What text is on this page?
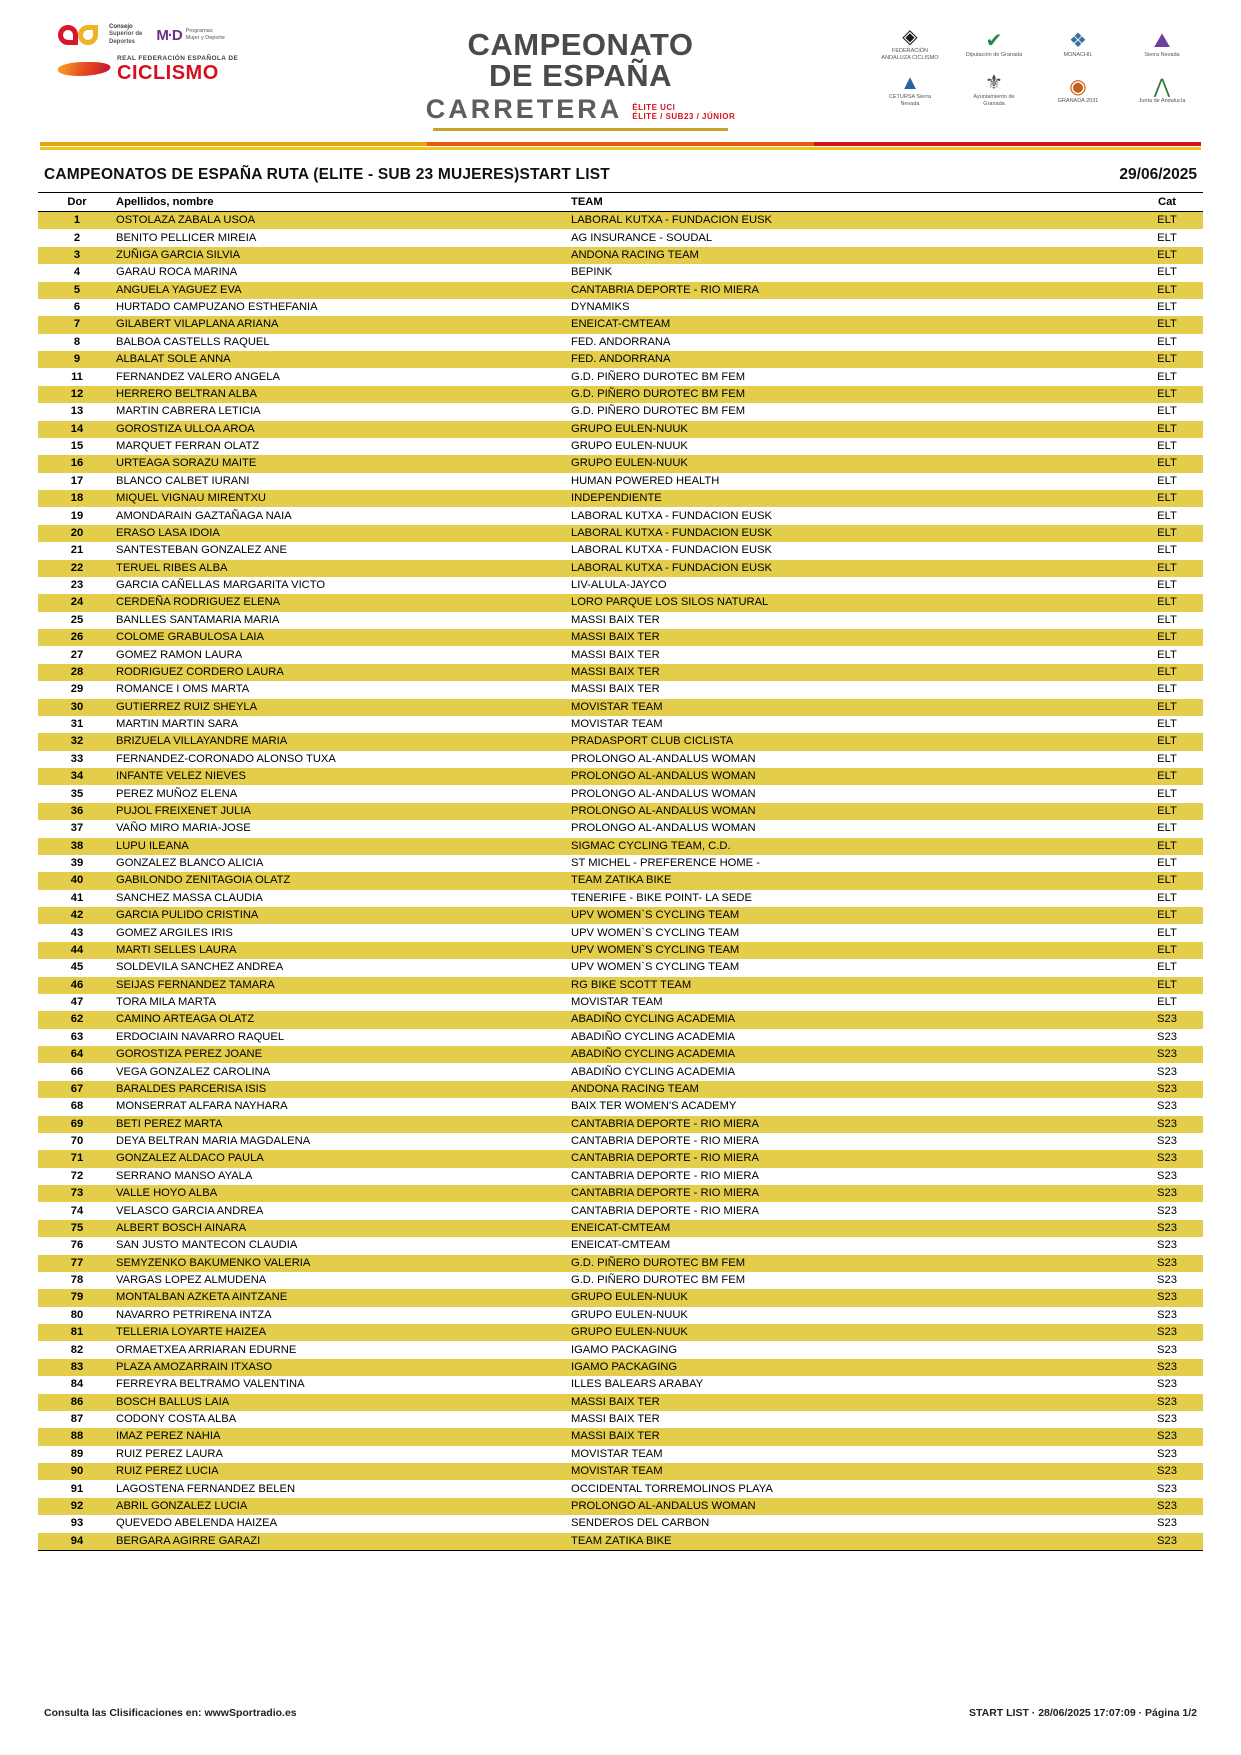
Consejo
Superior de
Deportes	M·D Programas
Mujer y Deporte
REAL FEDERACIÓN ESPAÑOLA DE
CICLISMO
CAMPEONATO
DE ESPAÑA
CARRETERA ÉLITE UCI
ÉLITE / SUB23 / JÚNIOR
◈
FEDERACIÓN ANDALUZA CICLISMO
✔
Diputación de Granada
❖
MONACHIL
⛰
Sierra Nevada
▲
CETURSA Sierra Nevada
⚜
Ayuntamiento de Granada
◉
GRANADA 2031
⋀
Junta de Andalucía
CAMPEONATOS DE ESPAÑA RUTA (ELITE - SUB 23 MUJERES)START LIST	29/06/2025
Dor	Apellidos, nombre	TEAM	Cat
1	OSTOLAZA ZABALA USOA	LABORAL KUTXA - FUNDACION EUSK	ELT
2	BENITO PELLICER MIREIA	AG INSURANCE - SOUDAL	ELT
3	ZUÑIGA GARCIA SILVIA	ANDONA RACING TEAM	ELT
4	GARAU ROCA MARINA	BEPINK	ELT
5	ANGUELA YAGUEZ EVA	CANTABRIA DEPORTE - RIO MIERA	ELT
6	HURTADO CAMPUZANO ESTHEFANIA	DYNAMIKS	ELT
7	GILABERT VILAPLANA ARIANA	ENEICAT-CMTEAM	ELT
8	BALBOA CASTELLS RAQUEL	FED. ANDORRANA	ELT
9	ALBALAT SOLE ANNA	FED. ANDORRANA	ELT
11	FERNANDEZ VALERO ANGELA	G.D. PIÑERO DUROTEC BM FEM	ELT
12	HERRERO BELTRAN ALBA	G.D. PIÑERO DUROTEC BM FEM	ELT
13	MARTIN CABRERA LETICIA	G.D. PIÑERO DUROTEC BM FEM	ELT
14	GOROSTIZA ULLOA AROA	GRUPO EULEN-NUUK	ELT
15	MARQUET FERRAN OLATZ	GRUPO EULEN-NUUK	ELT
16	URTEAGA SORAZU MAITE	GRUPO EULEN-NUUK	ELT
17	BLANCO CALBET IURANI	HUMAN POWERED HEALTH	ELT
18	MIQUEL VIGNAU MIRENTXU	INDEPENDIENTE	ELT
19	AMONDARAIN GAZTAÑAGA NAIA	LABORAL KUTXA - FUNDACION EUSK	ELT
20	ERASO LASA IDOIA	LABORAL KUTXA - FUNDACION EUSK	ELT
21	SANTESTEBAN GONZALEZ ANE	LABORAL KUTXA - FUNDACION EUSK	ELT
22	TERUEL RIBES ALBA	LABORAL KUTXA - FUNDACION EUSK	ELT
23	GARCIA CAÑELLAS MARGARITA VICTO	LIV-ALULA-JAYCO	ELT
24	CERDEÑA RODRIGUEZ ELENA	LORO PARQUE LOS SILOS NATURAL	ELT
25	BANLLES SANTAMARIA MARIA	MASSI BAIX TER	ELT
26	COLOME GRABULOSA LAIA	MASSI BAIX TER	ELT
27	GOMEZ RAMON LAURA	MASSI BAIX TER	ELT
28	RODRIGUEZ CORDERO LAURA	MASSI BAIX TER	ELT
29	ROMANCE I OMS MARTA	MASSI BAIX TER	ELT
30	GUTIERREZ RUIZ SHEYLA	MOVISTAR TEAM	ELT
31	MARTIN MARTIN SARA	MOVISTAR TEAM	ELT
32	BRIZUELA VILLAYANDRE MARIA	PRADASPORT CLUB CICLISTA	ELT
33	FERNANDEZ-CORONADO ALONSO TUXA	PROLONGO AL-ANDALUS WOMAN	ELT
34	INFANTE VELEZ NIEVES	PROLONGO AL-ANDALUS WOMAN	ELT
35	PEREZ MUÑOZ ELENA	PROLONGO AL-ANDALUS WOMAN	ELT
36	PUJOL FREIXENET JULIA	PROLONGO AL-ANDALUS WOMAN	ELT
37	VAÑO MIRO MARIA-JOSE	PROLONGO AL-ANDALUS WOMAN	ELT
38	LUPU ILEANA	SIGMAC CYCLING TEAM, C.D.	ELT
39	GONZALEZ BLANCO ALICIA	ST MICHEL - PREFERENCE HOME -	ELT
40	GABILONDO ZENITAGOIA OLATZ	TEAM ZATIKA BIKE	ELT
41	SANCHEZ MASSA CLAUDIA	TENERIFE - BIKE POINT- LA SEDE	ELT
42	GARCIA PULIDO CRISTINA	UPV WOMEN`S CYCLING TEAM	ELT
43	GOMEZ ARGILES IRIS	UPV WOMEN`S CYCLING TEAM	ELT
44	MARTI SELLES LAURA	UPV WOMEN`S CYCLING TEAM	ELT
45	SOLDEVILA SANCHEZ ANDREA	UPV WOMEN`S CYCLING TEAM	ELT
46	SEIJAS FERNANDEZ TAMARA	RG BIKE SCOTT TEAM	ELT
47	TORA MILA MARTA	MOVISTAR TEAM	ELT
62	CAMINO ARTEAGA OLATZ	ABADIÑO CYCLING ACADEMIA	S23
63	ERDOCIAIN NAVARRO RAQUEL	ABADIÑO CYCLING ACADEMIA	S23
64	GOROSTIZA PEREZ JOANE	ABADIÑO CYCLING ACADEMIA	S23
66	VEGA GONZALEZ CAROLINA	ABADIÑO CYCLING ACADEMIA	S23
67	BARALDES PARCERISA ISIS	ANDONA RACING TEAM	S23
68	MONSERRAT ALFARA NAYHARA	BAIX TER WOMEN'S ACADEMY	S23
69	BETI PEREZ MARTA	CANTABRIA DEPORTE - RIO MIERA	S23
70	DEYA BELTRAN MARIA MAGDALENA	CANTABRIA DEPORTE - RIO MIERA	S23
71	GONZALEZ ALDACO PAULA	CANTABRIA DEPORTE - RIO MIERA	S23
72	SERRANO MANSO AYALA	CANTABRIA DEPORTE - RIO MIERA	S23
73	VALLE HOYO ALBA	CANTABRIA DEPORTE - RIO MIERA	S23
74	VELASCO GARCIA ANDREA	CANTABRIA DEPORTE - RIO MIERA	S23
75	ALBERT BOSCH AINARA	ENEICAT-CMTEAM	S23
76	SAN JUSTO MANTECON CLAUDIA	ENEICAT-CMTEAM	S23
77	SEMYZENKO BAKUMENKO VALERIA	G.D. PIÑERO DUROTEC BM FEM	S23
78	VARGAS LOPEZ ALMUDENA	G.D. PIÑERO DUROTEC BM FEM	S23
79	MONTALBAN AZKETA AINTZANE	GRUPO EULEN-NUUK	S23
80	NAVARRO PETRIRENA INTZA	GRUPO EULEN-NUUK	S23
81	TELLERIA LOYARTE HAIZEA	GRUPO EULEN-NUUK	S23
82	ORMAETXEA ARRIARAN EDURNE	IGAMO PACKAGING	S23
83	PLAZA AMOZARRAIN ITXASO	IGAMO PACKAGING	S23
84	FERREYRA BELTRAMO VALENTINA	ILLES BALEARS ARABAY	S23
86	BOSCH BALLUS LAIA	MASSI BAIX TER	S23
87	CODONY COSTA ALBA	MASSI BAIX TER	S23
88	IMAZ PEREZ NAHIA	MASSI BAIX TER	S23
89	RUIZ PEREZ LAURA	MOVISTAR TEAM	S23
90	RUIZ PEREZ LUCIA	MOVISTAR TEAM	S23
91	LAGOSTENA FERNANDEZ BELEN	OCCIDENTAL TORREMOLINOS PLAYA	S23
92	ABRIL GONZALEZ LUCIA	PROLONGO AL-ANDALUS WOMAN	S23
93	QUEVEDO ABELENDA HAIZEA	SENDEROS DEL CARBON	S23
94	BERGARA AGIRRE GARAZI	TEAM ZATIKA BIKE	S23
Consulta las Clisificaciones en: wwwSportradio.es	START LIST · 28/06/2025 17:07:09 · Página 1/2
